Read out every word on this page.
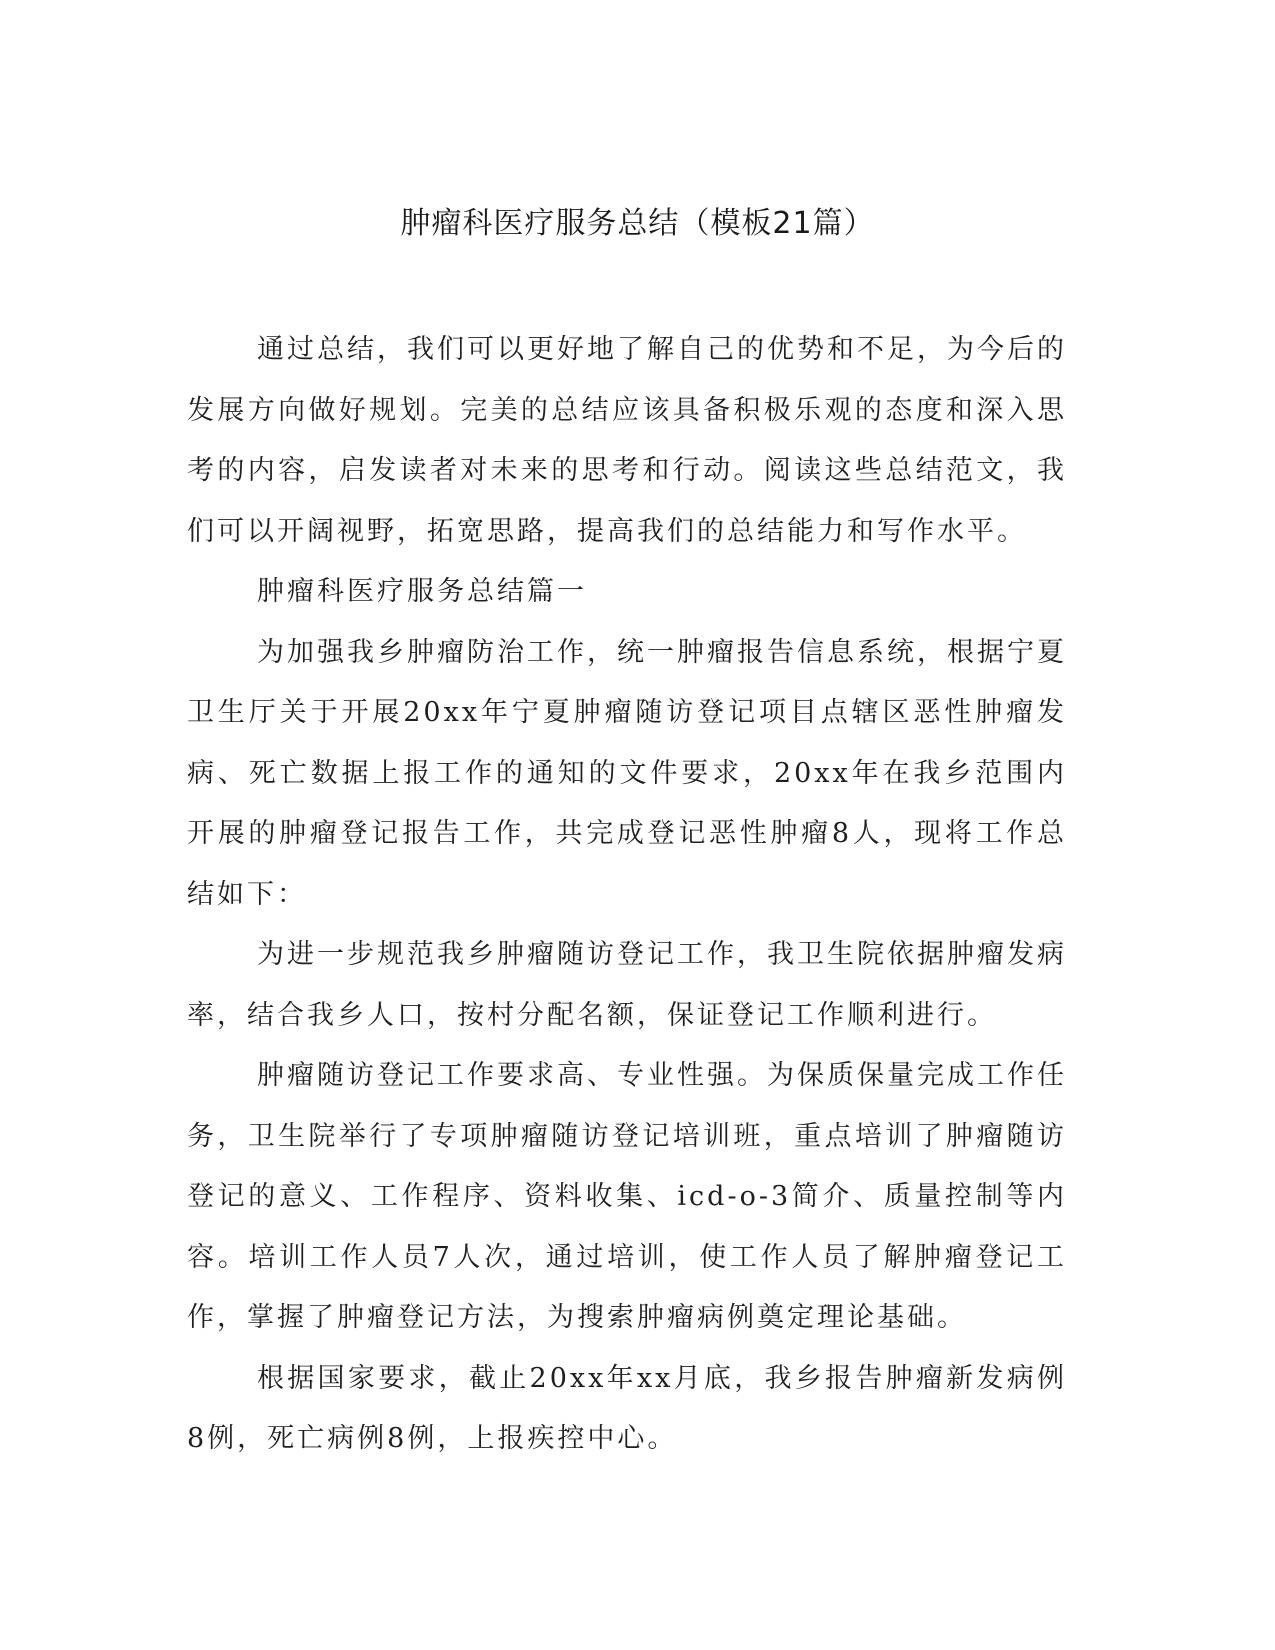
肿瘤科医疗服务总结（模板21篇）

通过总结，我们可以更好地了解自己的优势和不足，为今后的发展方向做好规划。完美的总结应该具备积极乐观的态度和深入思考的内容，启发读者对未来的思考和行动。阅读这些总结范文，我们可以开阔视野，拓宽思路，提高我们的总结能力和写作水平。

肿瘤科医疗服务总结篇一

为加强我乡肿瘤防治工作，统一肿瘤报告信息系统，根据宁夏卫生厅关于开展20xx年宁夏肿瘤随访登记项目点辖区恶性肿瘤发病、死亡数据上报工作的通知的文件要求，20xx年在我乡范围内开展的肿瘤登记报告工作，共完成登记恶性肿瘤8人，现将工作总结如下：

为进一步规范我乡肿瘤随访登记工作，我卫生院依据肿瘤发病率，结合我乡人口，按村分配名额，保证登记工作顺利进行。

肿瘤随访登记工作要求高、专业性强。为保质保量完成工作任务，卫生院举行了专项肿瘤随访登记培训班，重点培训了肿瘤随访登记的意义、工作程序、资料收集、icd-o-3简介、质量控制等内容。培训工作人员7人次，通过培训，使工作人员了解肿瘤登记工作，掌握了肿瘤登记方法，为搜索肿瘤病例奠定理论基础。

根据国家要求，截止20xx年xx月底，我乡报告肿瘤新发病例8例，死亡病例8例，上报疾控中心。
